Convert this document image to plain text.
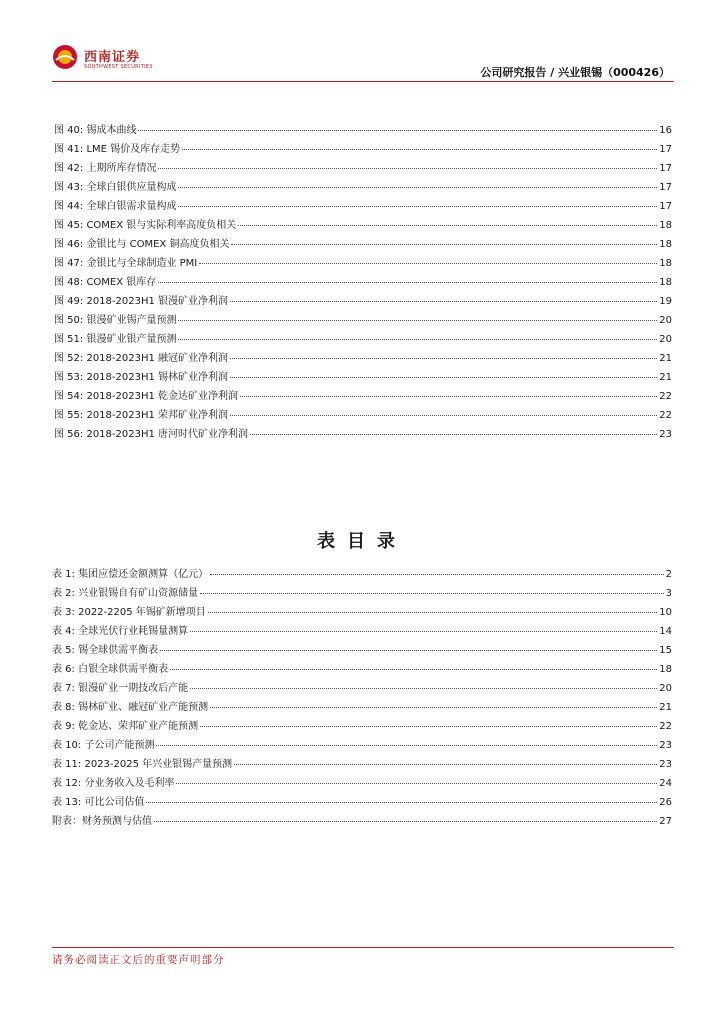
西南证券
SOUTHWEST SECURITIES	公司研究报告 / 兴业银锡（000426）
图 40: 锡成本曲线	16
图 41: LME 锡价及库存走势	17
图 42: 上期所库存情况	17
图 43: 全球白银供应量构成	17
图 44: 全球白银需求量构成	17
图 45: COMEX 银与实际利率高度负相关	18
图 46: 金银比与 COMEX 铜高度负相关	18
图 47: 金银比与全球制造业 PMI	18
图 48: COMEX 银库存	18
图 49: 2018-2023H1 银漫矿业净利润	19
图 50: 银漫矿业锡产量预测	20
图 51: 银漫矿业银产量预测	20
图 52: 2018-2023H1 融冠矿业净利润	21
图 53: 2018-2023H1 锡林矿业净利润	21
图 54: 2018-2023H1 乾金达矿业净利润	22
图 55: 2018-2023H1 荣邦矿业净利润	22
图 56: 2018-2023H1 唐河时代矿业净利润	23
表目录
表 1: 集团应偿还金额测算（亿元）	2
表 2: 兴业银锡自有矿山资源储量	3
表 3: 2022-2205 年锡矿新增项目	10
表 4: 全球光伏行业耗锡量测算	14
表 5: 锡全球供需平衡表	15
表 6: 白银全球供需平衡表	18
表 7: 银漫矿业一期技改后产能	20
表 8: 锡林矿业、融冠矿业产能预测	21
表 9: 乾金达、荣邦矿业产能预测	22
表 10: 子公司产能预测	23
表 11: 2023-2025 年兴业银锡产量预测	23
表 12: 分业务收入及毛利率	24
表 13: 可比公司估值	26
附表：财务预测与估值	27
请务必阅读正文后的重要声明部分
